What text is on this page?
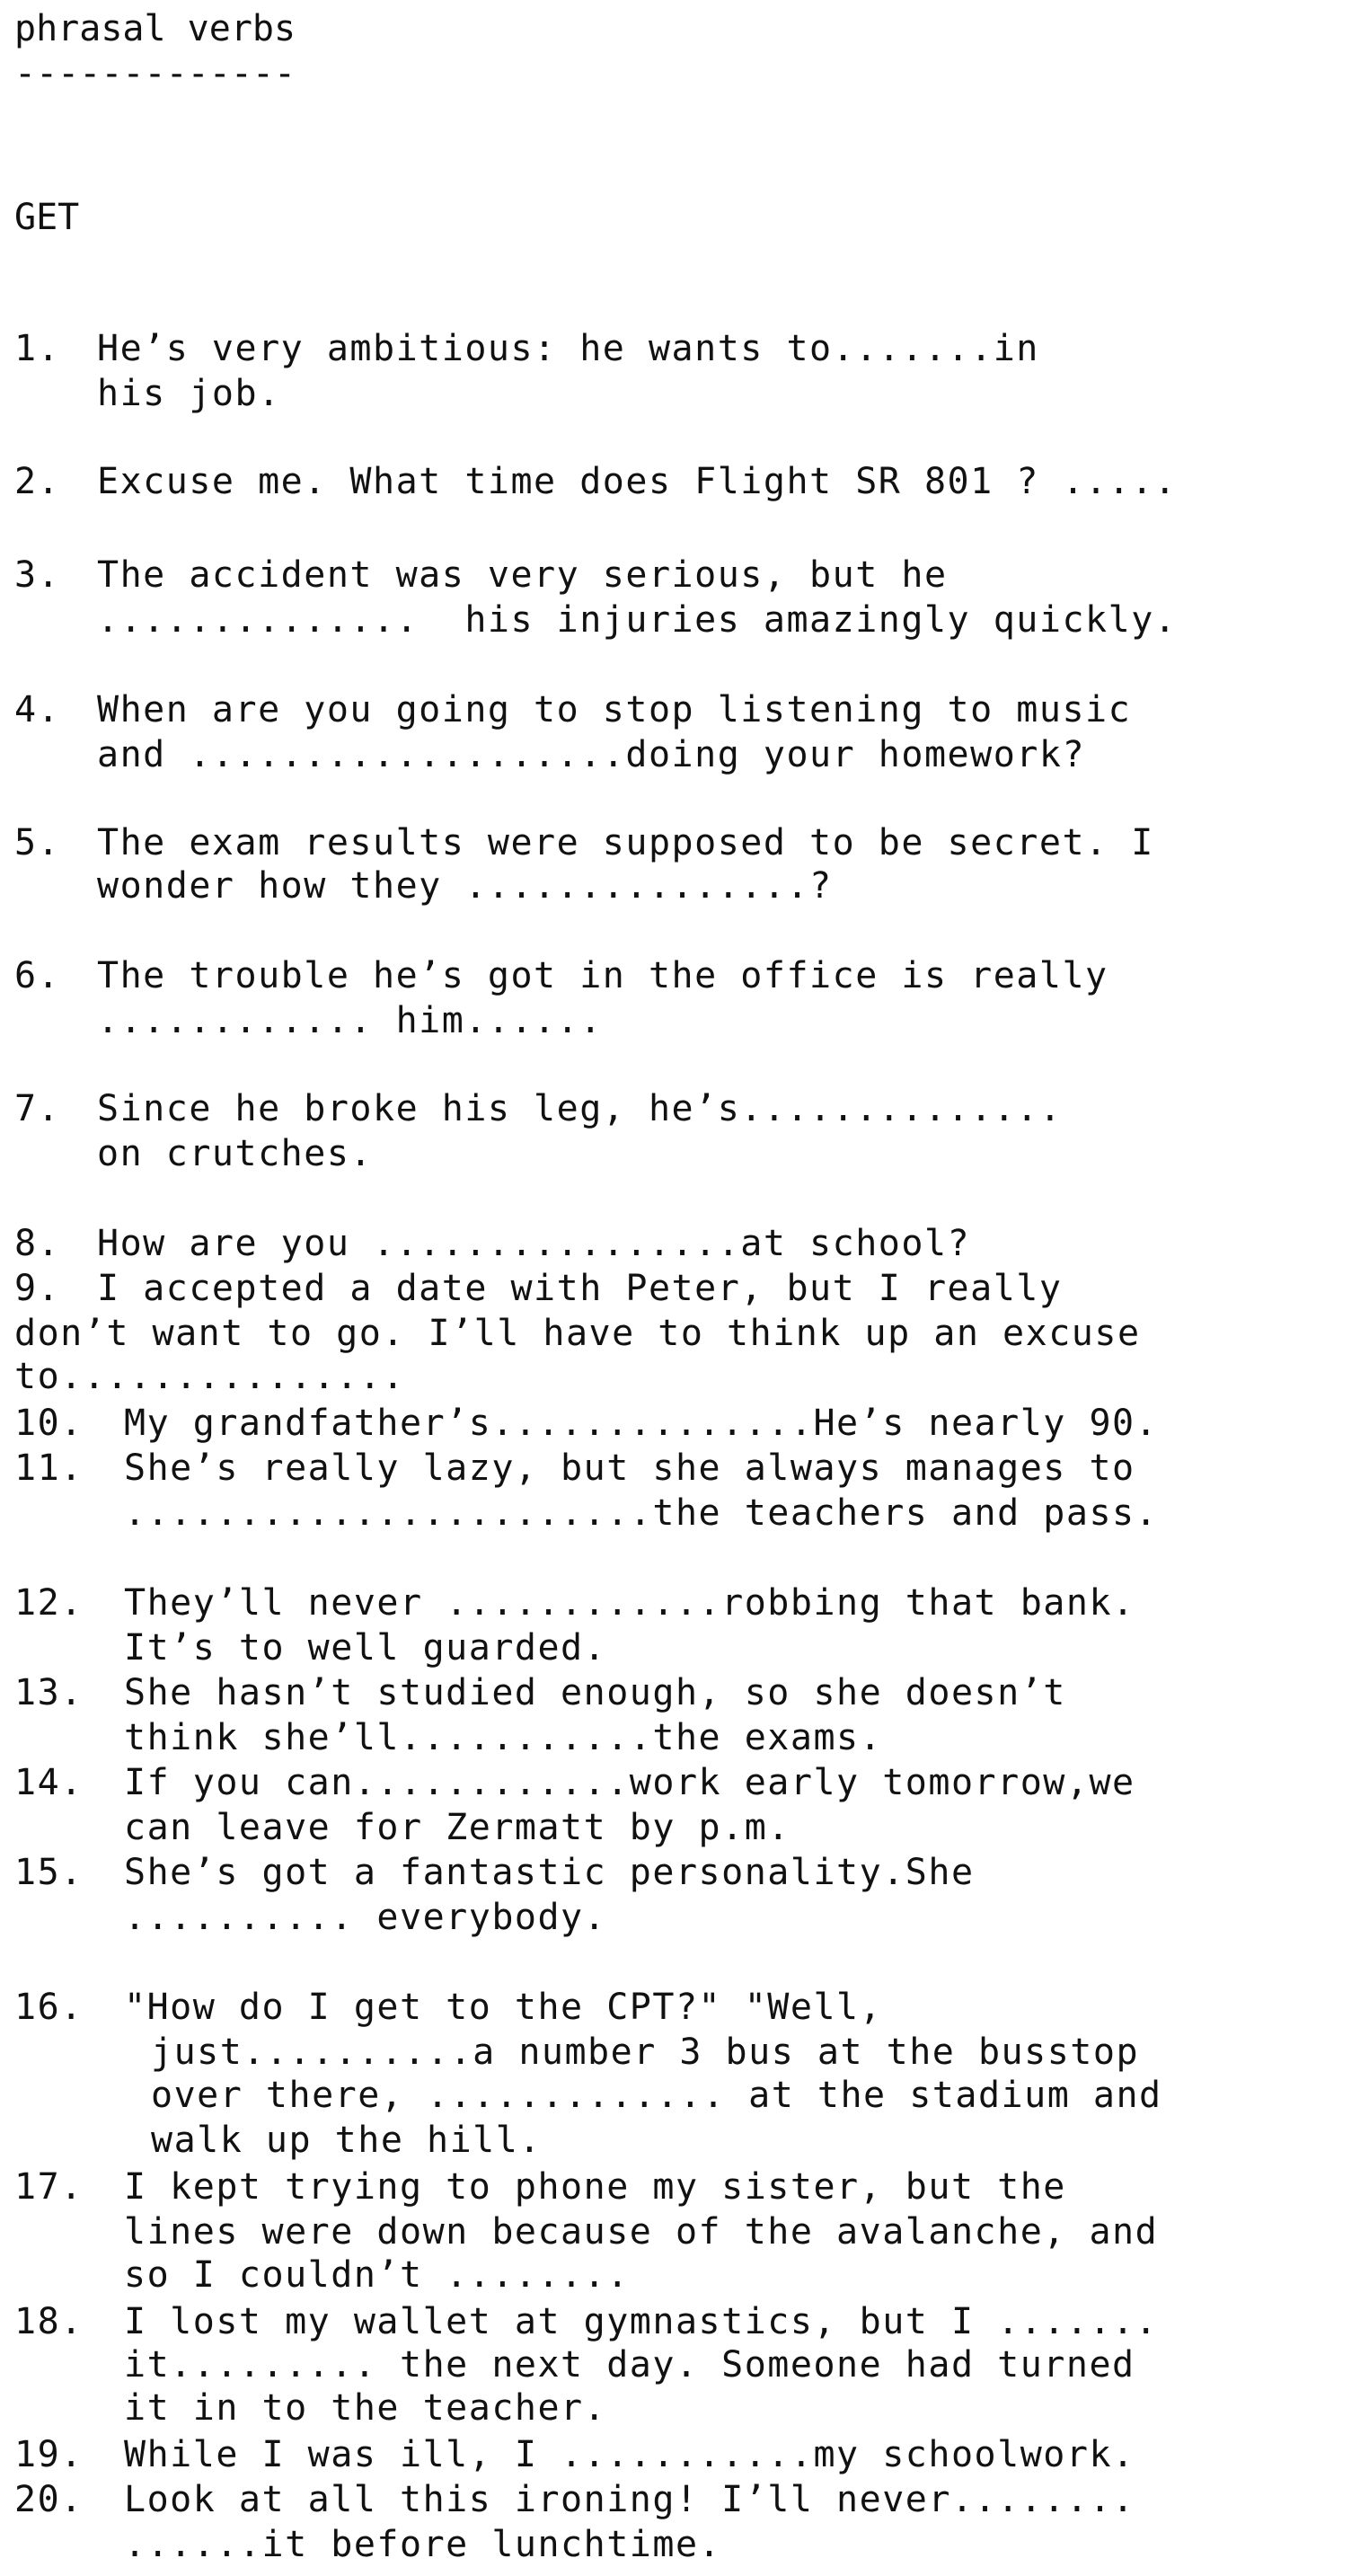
phrasal verbs
-------------
GET
1. He’s very ambitious: he wants to.......in
his job.
2. Excuse me. What time does Flight SR 801 ? .....
3. The accident was very serious, but he
..............  his injuries amazingly quickly.
4. When are you going to stop listening to music
and ...................doing your homework?
5. The exam results were supposed to be secret. I
wonder how they ...............?
6. The trouble he’s got in the office is really
............ him......
7. Since he broke his leg, he’s..............
on crutches.
8. How are you ................at school?
9. I accepted a date with Peter, but I really
don’t want to go. I’ll have to think up an excuse
to...............
10. My grandfather’s..............He’s nearly 90.
11. She’s really lazy, but she always manages to
.......................the teachers and pass.
12. They’ll never ............robbing that bank.
It’s to well guarded.
13. She hasn’t studied enough, so she doesn’t
think she’ll...........the exams.
14. If you can............work early tomorrow,we
can leave for Zermatt by p.m.
15. She’s got a fantastic personality.She
.......... everybody.
16. "How do I get to the CPT?" "Well,
just..........a number 3 bus at the busstop
over there, ............. at the stadium and
walk up the hill.
17. I kept trying to phone my sister, but the
lines were down because of the avalanche, and
so I couldn’t ........
18. I lost my wallet at gymnastics, but I .......
it......... the next day. Someone had turned
it in to the teacher.
19. While I was ill, I ...........my schoolwork.
20. Look at all this ironing! I’ll never........
......it before lunchtime.
